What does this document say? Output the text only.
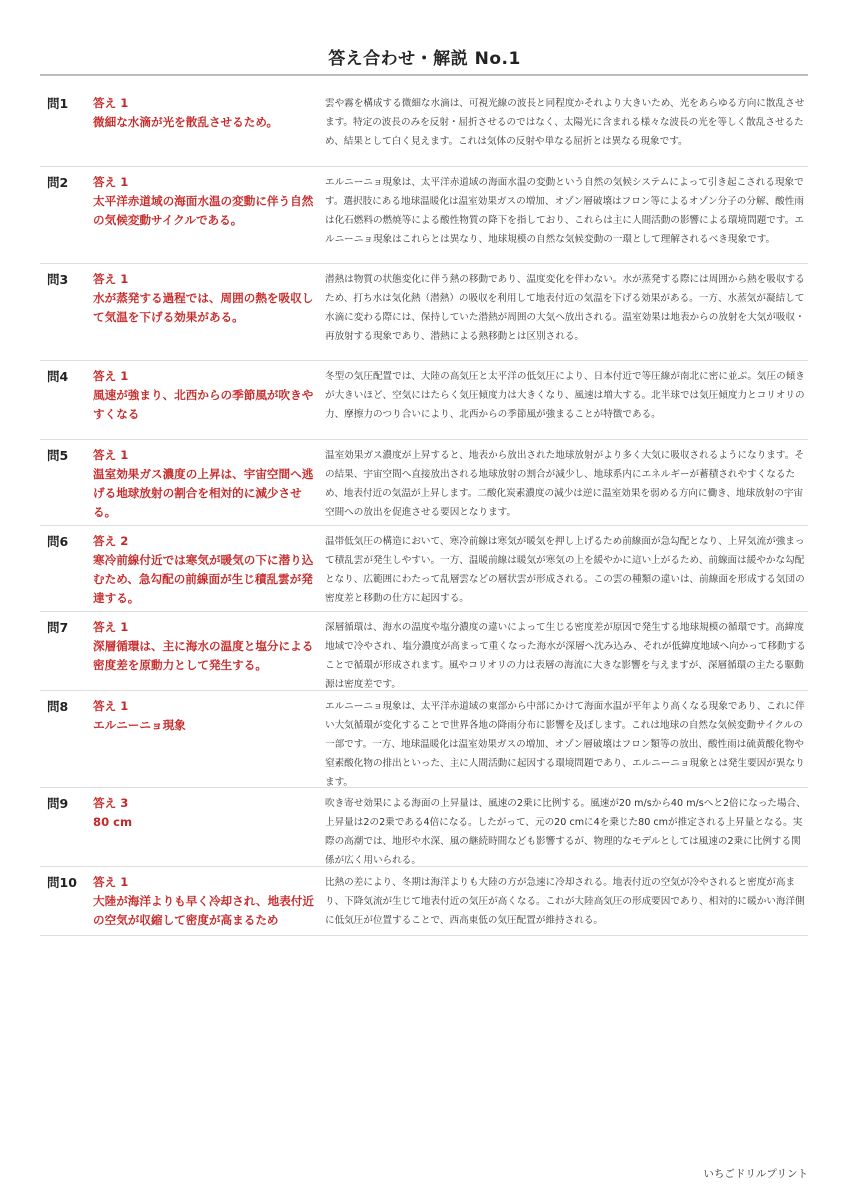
答え合わせ・解説 No.1
問1	答え 1
微細な水滴が光を散乱させるため。
雲や霧を構成する微細な水滴は、可視光線の波長と同程度かそれより大きいため、光をあらゆる方向に散乱させます。特定の波長のみを反射・屈折させるのではなく、太陽光に含まれる様々な波長の光を等しく散乱させるため、結果として白く見えます。これは気体の反射や単なる屈折とは異なる現象です。
問2	答え 1
太平洋赤道域の海面水温の変動に伴う自然の気候変動サイクルである。
エルニーニョ現象は、太平洋赤道域の海面水温の変動という自然の気候システムによって引き起こされる現象です。選択肢にある地球温暖化は温室効果ガスの増加、オゾン層破壊はフロン等によるオゾン分子の分解、酸性雨は化石燃料の燃焼等による酸性物質の降下を指しており、これらは主に人間活動の影響による環境問題です。エルニーニョ現象はこれらとは異なり、地球規模の自然な気候変動の一環として理解されるべき現象です。
問3	答え 1
水が蒸発する過程では、周囲の熱を吸収して気温を下げる効果がある。
潜熱は物質の状態変化に伴う熱の移動であり、温度変化を伴わない。水が蒸発する際には周囲から熱を吸収するため、打ち水は気化熱（潜熱）の吸収を利用して地表付近の気温を下げる効果がある。一方、水蒸気が凝結して水滴に変わる際には、保持していた潜熱が周囲の大気へ放出される。温室効果は地表からの放射を大気が吸収・再放射する現象であり、潜熱による熱移動とは区別される。
問4	答え 1
風速が強まり、北西からの季節風が吹きやすくなる
冬型の気圧配置では、大陸の高気圧と太平洋の低気圧により、日本付近で等圧線が南北に密に並ぶ。気圧の傾きが大きいほど、空気にはたらく気圧傾度力は大きくなり、風速は増大する。北半球では気圧傾度力とコリオリの力、摩擦力のつり合いにより、北西からの季節風が強まることが特徴である。
問5	答え 1
温室効果ガス濃度の上昇は、宇宙空間へ逃げる地球放射の割合を相対的に減少させる。
温室効果ガス濃度が上昇すると、地表から放出された地球放射がより多く大気に吸収されるようになります。その結果、宇宙空間へ直接放出される地球放射の割合が減少し、地球系内にエネルギーが蓄積されやすくなるため、地表付近の気温が上昇します。二酸化炭素濃度の減少は逆に温室効果を弱める方向に働き、地球放射の宇宙空間への放出を促進させる要因となります。
問6	答え 2
寒冷前線付近では寒気が暖気の下に潜り込むため、急勾配の前線面が生じ積乱雲が発達する。
温帯低気圧の構造において、寒冷前線は寒気が暖気を押し上げるため前線面が急勾配となり、上昇気流が強まって積乱雲が発生しやすい。一方、温暖前線は暖気が寒気の上を緩やかに這い上がるため、前線面は緩やかな勾配となり、広範囲にわたって乱層雲などの層状雲が形成される。この雲の種類の違いは、前線面を形成する気団の密度差と移動の仕方に起因する。
問7	答え 1
深層循環は、主に海水の温度と塩分による密度差を原動力として発生する。
深層循環は、海水の温度や塩分濃度の違いによって生じる密度差が原因で発生する地球規模の循環です。高緯度地域で冷やされ、塩分濃度が高まって重くなった海水が深層へ沈み込み、それが低緯度地域へ向かって移動することで循環が形成されます。風やコリオリの力は表層の海流に大きな影響を与えますが、深層循環の主たる駆動源は密度差です。
問8	答え 1
エルニーニョ現象
エルニーニョ現象は、太平洋赤道域の東部から中部にかけて海面水温が平年より高くなる現象であり、これに伴い大気循環が変化することで世界各地の降雨分布に影響を及ぼします。これは地球の自然な気候変動サイクルの一部です。一方、地球温暖化は温室効果ガスの増加、オゾン層破壊はフロン類等の放出、酸性雨は硫黄酸化物や窒素酸化物の排出といった、主に人間活動に起因する環境問題であり、エルニーニョ現象とは発生要因が異なります。
問9	答え 3
80 cm
吹き寄せ効果による海面の上昇量は、風速の2乗に比例する。風速が20 m/sから40 m/sへと2倍になった場合、上昇量は2の2乗である4倍になる。したがって、元の20 cmに4を乗じた80 cmが推定される上昇量となる。実際の高潮では、地形や水深、風の継続時間なども影響するが、物理的なモデルとしては風速の2乗に比例する関係が広く用いられる。
問10	答え 1
大陸が海洋よりも早く冷却され、地表付近の空気が収縮して密度が高まるため
比熱の差により、冬期は海洋よりも大陸の方が急速に冷却される。地表付近の空気が冷やされると密度が高まり、下降気流が生じて地表付近の気圧が高くなる。これが大陸高気圧の形成要因であり、相対的に暖かい海洋側に低気圧が位置することで、西高東低の気圧配置が維持される。
いちごドリルプリント
